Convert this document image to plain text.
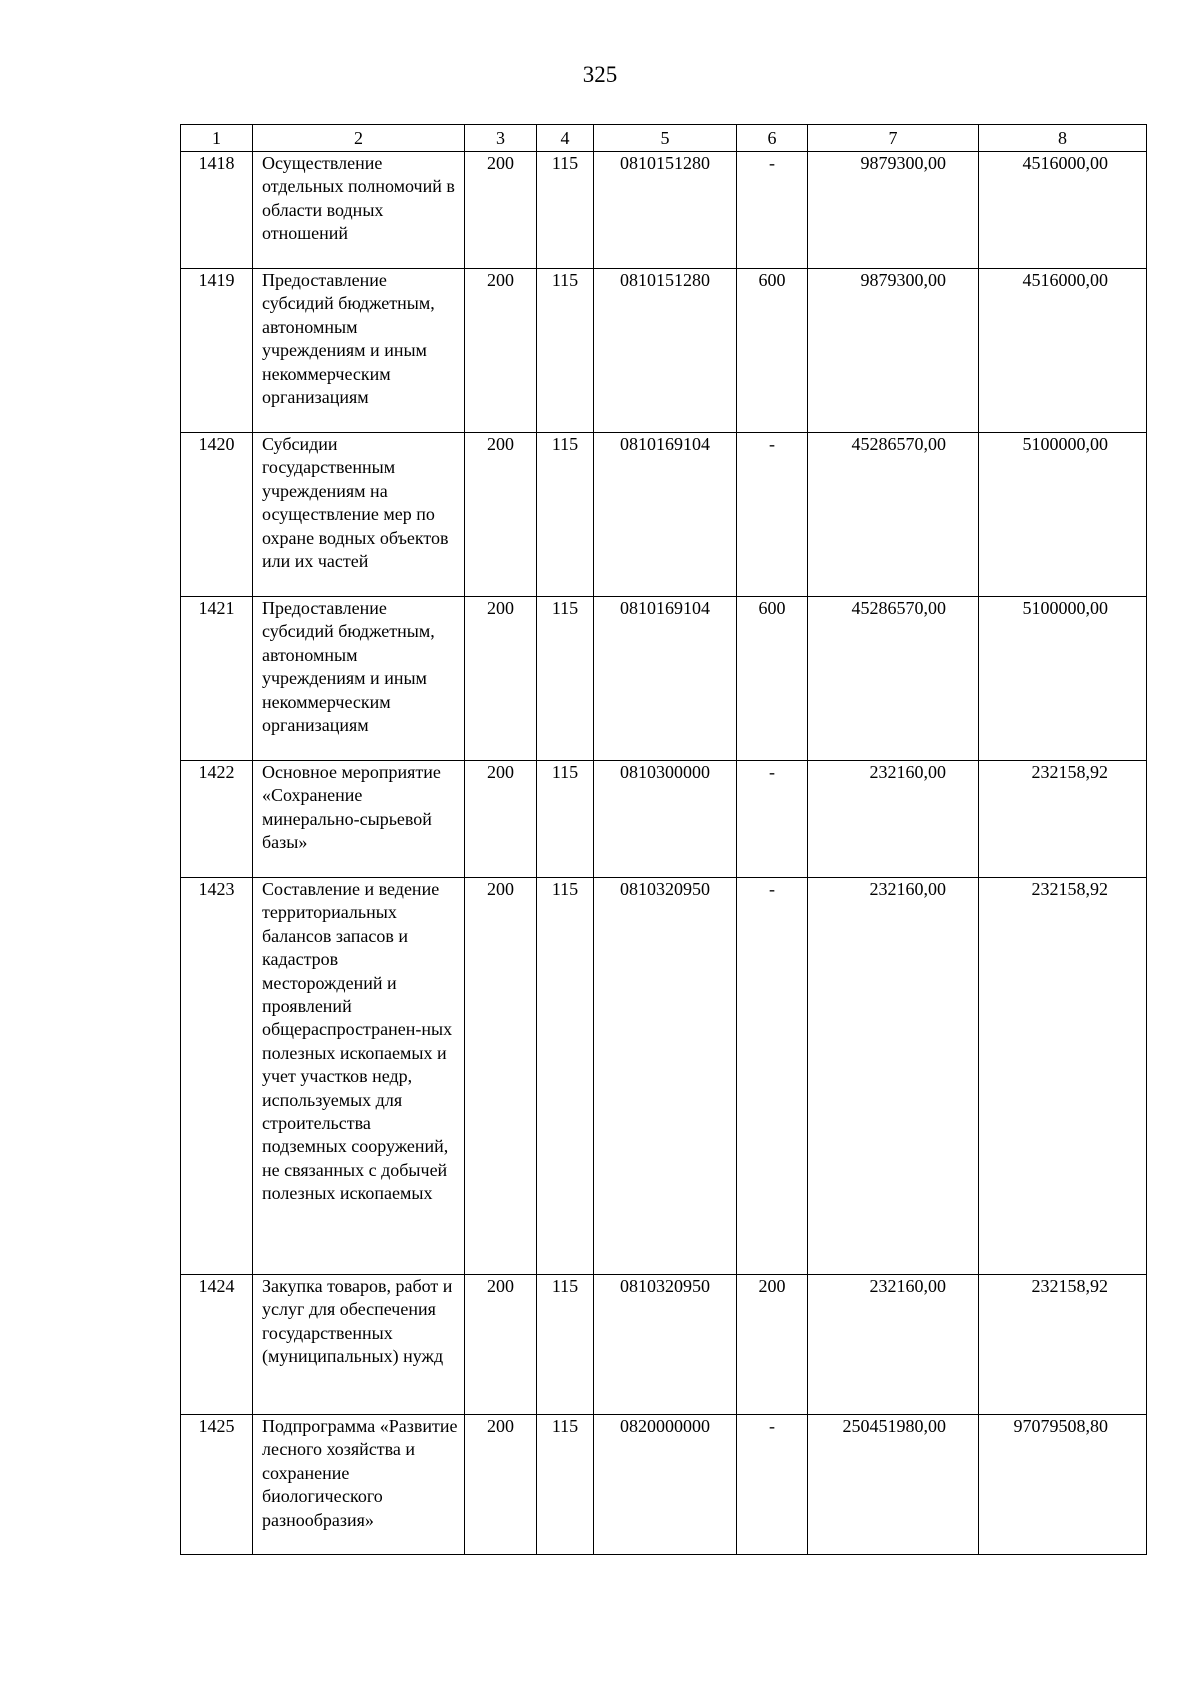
325
1	2	3	4	5	6	7	8
1418	Осуществление отдельных полномочий в области водных отношений	200	115	0810151280	-	9879300,00	4516000,00
1419	Предоставление субсидий бюджетным, автономным учреждениям и иным некоммерческим организациям	200	115	0810151280	600	9879300,00	4516000,00
1420	Субсидии государственным учреждениям на осуществление мер по охране водных объектов или их частей	200	115	0810169104	-	45286570,00	5100000,00
1421	Предоставление субсидий бюджетным, автономным учреждениям и иным некоммерческим организациям	200	115	0810169104	600	45286570,00	5100000,00
1422	Основное мероприятие «Сохранение минерально-сырьевой базы»	200	115	0810300000	-	232160,00	232158,92
1423	Составление и ведение территориальных балансов запасов и кадастров месторождений и проявлений общераспространен-ных полезных ископаемых и учет участков недр, используемых для строительства подземных сооружений, не связанных с добычей полезных ископаемых	200	115	0810320950	-	232160,00	232158,92
1424	Закупка товаров, работ и услуг для обеспечения государственных (муниципальных) нужд	200	115	0810320950	200	232160,00	232158,92
1425	Подпрограмма «Развитие лесного хозяйства и сохранение биологического разнообразия»	200	115	0820000000	-	250451980,00	97079508,80
